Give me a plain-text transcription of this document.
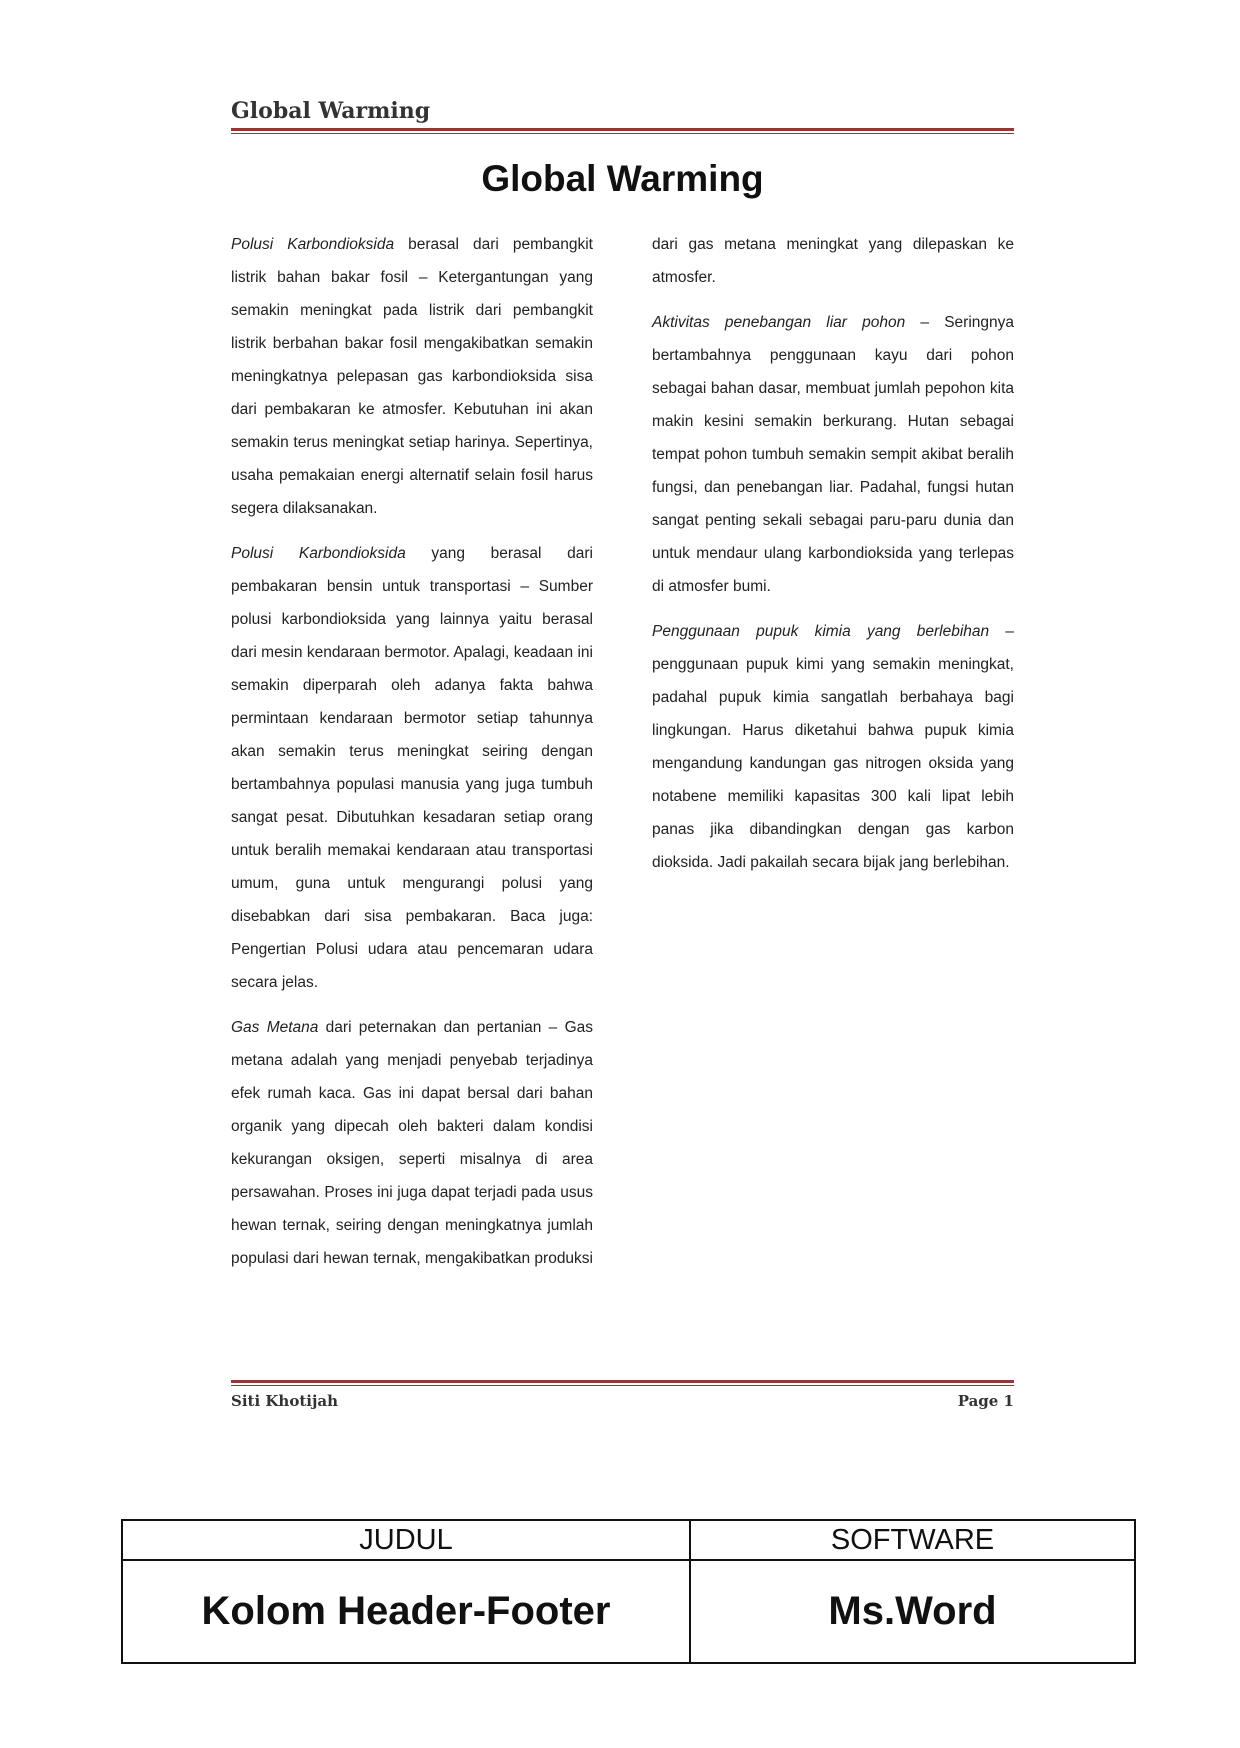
Global Warming
Global Warming

Polusi Karbondioksida berasal dari pembangkit listrik bahan bakar fosil – Ketergantungan yang semakin meningkat pada listrik dari pembangkit listrik berbahan bakar fosil mengakibatkan semakin meningkatnya pelepasan gas karbondioksida sisa dari pembakaran ke atmosfer. Kebutuhan ini akan semakin terus meningkat setiap harinya. Sepertinya, usaha pemakaian energi alternatif selain fosil harus segera dilaksanakan.

Polusi Karbondioksida yang berasal dari pembakaran bensin untuk transportasi – Sumber polusi karbondioksida yang lainnya yaitu berasal dari mesin kendaraan bermotor. Apalagi, keadaan ini semakin diperparah oleh adanya fakta bahwa permintaan kendaraan bermotor setiap tahunnya akan semakin terus meningkat seiring dengan bertambahnya populasi manusia yang juga tumbuh sangat pesat. Dibutuhkan kesadaran setiap orang untuk beralih memakai kendaraan atau transportasi umum, guna untuk mengurangi polusi yang disebabkan dari sisa pembakaran. Baca juga: Pengertian Polusi udara atau pencemaran udara secara jelas.

Gas Metana dari peternakan dan pertanian – Gas metana adalah yang menjadi penyebab terjadinya efek rumah kaca. Gas ini dapat bersal dari bahan organik yang dipecah oleh bakteri dalam kondisi kekurangan oksigen, seperti misalnya di area persawahan. Proses ini juga dapat terjadi pada usus hewan ternak, seiring dengan meningkatnya jumlah populasi dari hewan ternak, mengakibatkan produksi dari gas metana meningkat yang dilepaskan ke atmosfer.

Aktivitas penebangan liar pohon – Seringnya bertambahnya penggunaan kayu dari pohon sebagai bahan dasar, membuat jumlah pepohon kita makin kesini semakin berkurang. Hutan sebagai tempat pohon tumbuh semakin sempit akibat beralih fungsi, dan penebangan liar. Padahal, fungsi hutan sangat penting sekali sebagai paru-paru dunia dan untuk mendaur ulang karbondioksida yang terlepas di atmosfer bumi.

Penggunaan pupuk kimia yang berlebihan – penggunaan pupuk kimi yang semakin meningkat, padahal pupuk kimia sangatlah berbahaya bagi lingkungan. Harus diketahui bahwa pupuk kimia mengandung kandungan gas nitrogen oksida yang notabene memiliki kapasitas 300 kali lipat lebih panas jika dibandingkan dengan gas karbon dioksida. Jadi pakailah secara bijak jang berlebihan.

Siti Khotijah	Page 1
JUDUL	SOFTWARE
Kolom Header-Footer	Ms.Word
